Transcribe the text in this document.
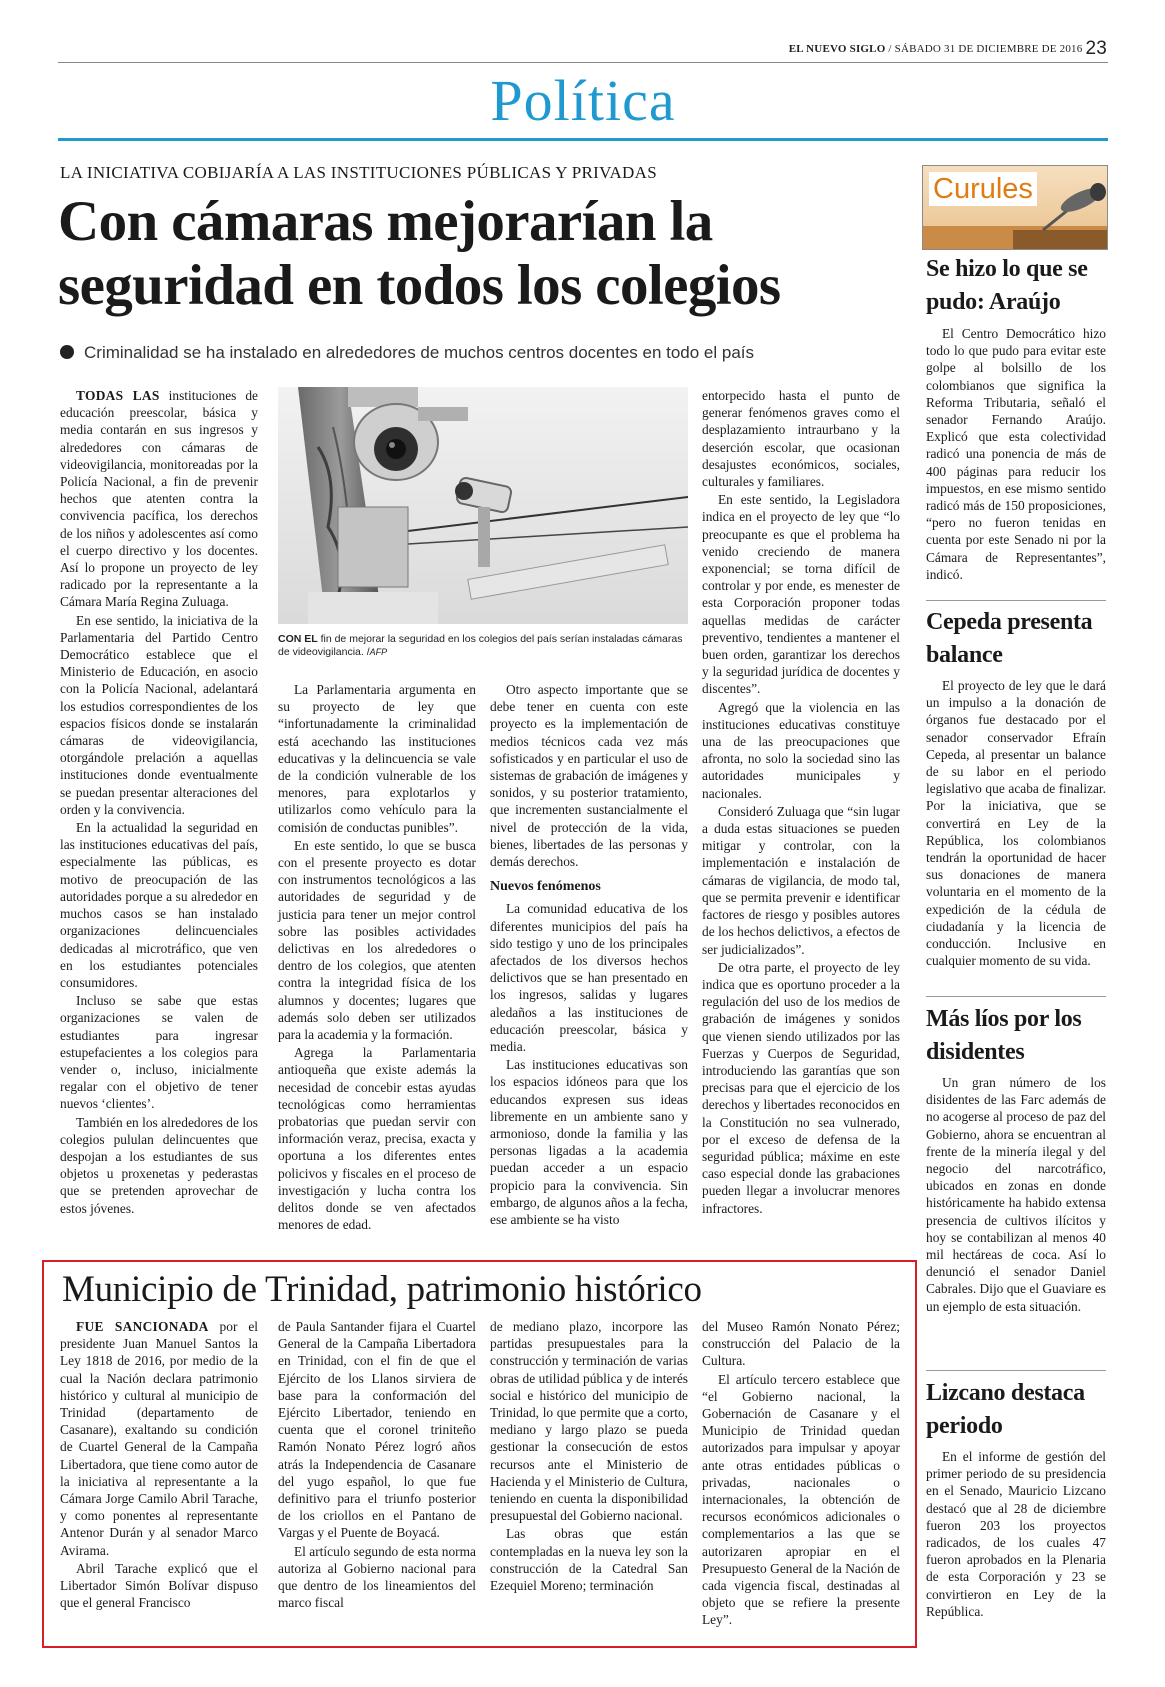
EL NUEVO SIGLO / SÁBADO 31 DE DICIEMBRE DE 2016 23
Política
LA INICIATIVA COBIJARÍA A LAS INSTITUCIONES PÚBLICAS Y PRIVADAS
Con cámaras mejorarían la seguridad en todos los colegios
Criminalidad se ha instalado en alrededores de muchos centros docentes en todo el país

TODAS LAS instituciones de educación preescolar, básica y media contarán en sus ingresos y alrededores con cámaras de videovigilancia, monitoreadas por la Policía Nacional, a fin de prevenir hechos que atenten contra la convivencia pacífica, los derechos de los niños y adolescentes así como el cuerpo directivo y los docentes. Así lo propone un proyecto de ley radicado por la representante a la Cámara María Regina Zuluaga.

En ese sentido, la iniciativa de la Parlamentaria del Partido Centro Democrático establece que el Ministerio de Educación, en asocio con la Policía Nacional, adelantará los estudios correspondientes de los espacios físicos donde se instalarán cámaras de videovigilancia, otorgándole prelación a aquellas instituciones donde eventualmente se puedan presentar alteraciones del orden y la convivencia.

En la actualidad la seguridad en las instituciones educativas del país, especialmente las públicas, es motivo de preocupación de las autoridades porque a su alrededor en muchos casos se han instalado organizaciones delincuenciales dedicadas al microtráfico, que ven en los estudiantes potenciales consumidores.

Incluso se sabe que estas organizaciones se valen de estudiantes para ingresar estupefacientes a los colegios para vender o, incluso, inicialmente regalar con el objetivo de tener nuevos ‘clientes’.

También en los alrededores de los colegios pululan delincuentes que despojan a los estudiantes de sus objetos u proxenetas y pederastas que se pretenden aprovechar de estos jóvenes.

CON EL fin de mejorar la seguridad en los colegios del país serían instaladas cámaras de videovigilancia. /AFP

La Parlamentaria argumenta en su proyecto de ley que “infortunadamente la criminalidad está acechando las instituciones educativas y la delincuencia se vale de la condición vulnerable de los menores, para explotarlos y utilizarlos como vehículo para la comisión de conductas punibles”.

En este sentido, lo que se busca con el presente proyecto es dotar con instrumentos tecnológicos a las autoridades de seguridad y de justicia para tener un mejor control sobre las posibles actividades delictivas en los alrededores o dentro de los colegios, que atenten contra la integridad física de los alumnos y docentes; lugares que además solo deben ser utilizados para la academia y la formación.

Agrega la Parlamentaria antioqueña que existe además la necesidad de concebir estas ayudas tecnológicas como herramientas probatorias que puedan servir con información veraz, precisa, exacta y oportuna a los diferentes entes policivos y fiscales en el proceso de investigación y lucha contra los delitos donde se ven afectados menores de edad.

Otro aspecto importante que se debe tener en cuenta con este proyecto es la implementación de medios técnicos cada vez más sofisticados y en particular el uso de sistemas de grabación de imágenes y sonidos, y su posterior tratamiento, que incrementen sustancialmente el nivel de protección de la vida, bienes, libertades de las personas y demás derechos.

Nuevos fenómenos

La comunidad educativa de los diferentes municipios del país ha sido testigo y uno de los principales afectados de los diversos hechos delictivos que se han presentado en los ingresos, salidas y lugares aledaños a las instituciones de educación preescolar, básica y media.

Las instituciones educativas son los espacios idóneos para que los educandos expresen sus ideas libremente en un ambiente sano y armonioso, donde la familia y las personas ligadas a la academia puedan acceder a un espacio propicio para la convivencia. Sin embargo, de algunos años a la fecha, ese ambiente se ha visto

entorpecido hasta el punto de generar fenómenos graves como el desplazamiento intraurbano y la deserción escolar, que ocasionan desajustes económicos, sociales, culturales y familiares.

En este sentido, la Legisladora indica en el proyecto de ley que “lo preocupante es que el problema ha venido creciendo de manera exponencial; se torna difícil de controlar y por ende, es menester de esta Corporación proponer todas aquellas medidas de carácter preventivo, tendientes a mantener el buen orden, garantizar los derechos y la seguridad jurídica de docentes y discentes”.

Agregó que la violencia en las instituciones educativas constituye una de las preocupaciones que afronta, no solo la sociedad sino las autoridades municipales y nacionales.

Consideró Zuluaga que “sin lugar a duda estas situaciones se pueden mitigar y controlar, con la implementación e instalación de cámaras de vigilancia, de modo tal, que se permita prevenir e identificar factores de riesgo y posibles autores de los hechos delictivos, a efectos de ser judicializados”.

De otra parte, el proyecto de ley indica que es oportuno proceder a la regulación del uso de los medios de grabación de imágenes y sonidos que vienen siendo utilizados por las Fuerzas y Cuerpos de Seguridad, introduciendo las garantías que son precisas para que el ejercicio de los derechos y libertades reconocidos en la Constitución no sea vulnerado, por el exceso de defensa de la seguridad pública; máxime en este caso especial donde las grabaciones pueden llegar a involucrar menores infractores.

Curules
Se hizo lo que se pudo: Araújo

El Centro Democrático hizo todo lo que pudo para evitar este golpe al bolsillo de los colombianos que significa la Reforma Tributaria, señaló el senador Fernando Araújo. Explicó que esta colectividad radicó una ponencia de más de 400 páginas para reducir los impuestos, en ese mismo sentido radicó más de 150 proposiciones, “pero no fueron tenidas en cuenta por este Senado ni por la Cámara de Representantes”, indicó.

Cepeda presenta balance

El proyecto de ley que le dará un impulso a la donación de órganos fue destacado por el senador conservador Efraín Cepeda, al presentar un balance de su labor en el periodo legislativo que acaba de finalizar. Por la iniciativa, que se convertirá en Ley de la República, los colombianos tendrán la oportunidad de hacer sus donaciones de manera voluntaria en el momento de la expedición de la cédula de ciudadanía y la licencia de conducción. Inclusive en cualquier momento de su vida.

Más líos por los disidentes

Un gran número de los disidentes de las Farc además de no acogerse al proceso de paz del Gobierno, ahora se encuentran al frente de la minería ilegal y del negocio del narcotráfico, ubicados en zonas en donde históricamente ha habido extensa presencia de cultivos ilícitos y hoy se contabilizan al menos 40 mil hectáreas de coca. Así lo denunció el senador Daniel Cabrales. Dijo que el Guaviare es un ejemplo de esta situación.

Lizcano destaca periodo

En el informe de gestión del primer periodo de su presidencia en el Senado, Mauricio Lizcano destacó que al 28 de diciembre fueron 203 los proyectos radicados, de los cuales 47 fueron aprobados en la Plenaria de esta Corporación y 23 se convirtieron en Ley de la República.

Municipio de Trinidad, patrimonio histórico

FUE SANCIONADA por el presidente Juan Manuel Santos la Ley 1818 de 2016, por medio de la cual la Nación declara patrimonio histórico y cultural al municipio de Trinidad (departamento de Casanare), exaltando su condición de Cuartel General de la Campaña Libertadora, que tiene como autor de la iniciativa al representante a la Cámara Jorge Camilo Abril Tarache, y como ponentes al representante Antenor Durán y al senador Marco Avirama.

Abril Tarache explicó que el Libertador Simón Bolívar dispuso que el general Francisco

de Paula Santander fijara el Cuartel General de la Campaña Libertadora en Trinidad, con el fin de que el Ejército de los Llanos sirviera de base para la conformación del Ejército Libertador, teniendo en cuenta que el coronel triniteño Ramón Nonato Pérez logró años atrás la Independencia de Casanare del yugo español, lo que fue definitivo para el triunfo posterior de los criollos en el Pantano de Vargas y el Puente de Boyacá.

El artículo segundo de esta norma autoriza al Gobierno nacional para que dentro de los lineamientos del marco fiscal

de mediano plazo, incorpore las partidas presupuestales para la construcción y terminación de varias obras de utilidad pública y de interés social e histórico del municipio de Trinidad, lo que permite que a corto, mediano y largo plazo se pueda gestionar la consecución de estos recursos ante el Ministerio de Hacienda y el Ministerio de Cultura, teniendo en cuenta la disponibilidad presupuestal del Gobierno nacional.

Las obras que están contempladas en la nueva ley son la construcción de la Catedral San Ezequiel Moreno; terminación

del Museo Ramón Nonato Pérez; construcción del Palacio de la Cultura.

El artículo tercero establece que “el Gobierno nacional, la Gobernación de Casanare y el Municipio de Trinidad quedan autorizados para impulsar y apoyar ante otras entidades públicas o privadas, nacionales o internacionales, la obtención de recursos económicos adicionales o complementarios a las que se autorizaren apropiar en el Presupuesto General de la Nación de cada vigencia fiscal, destinadas al objeto que se refiere la presente Ley”.
